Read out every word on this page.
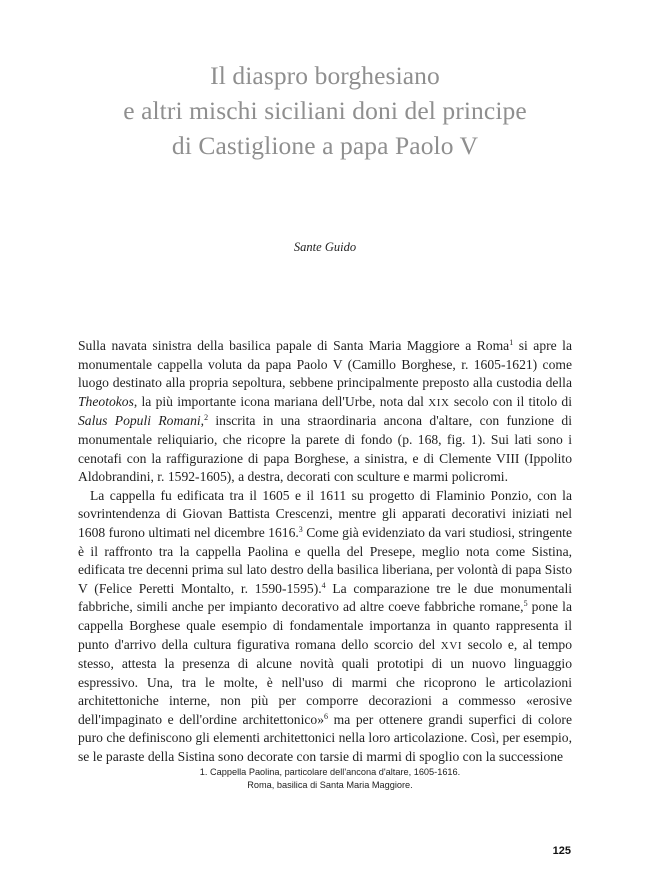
Il diaspro borghesiano
e altri mischi siciliani doni del principe
di Castiglione a papa Paolo V
Sante Guido
Sulla navata sinistra della basilica papale di Santa Maria Maggiore a Roma$^1$ si apre la monumentale cappella voluta da papa Paolo V (Camillo Borghese, r. 1605-1621) come luogo destinato alla propria sepoltura, sebbene principalmente preposto alla custodia della Theotokos, la più importante icona mariana dell'Urbe, nota dal XIX secolo con il titolo di Salus Populi Romani,$^2$ inscrita in una straordinaria ancona d'altare, con funzione di monumentale reliquiario, che ricopre la parete di fondo (p. 168, fig. 1). Sui lati sono i cenotafi con la raffigurazione di papa Borghese, a sinistra, e di Clemente VIII (Ippolito Aldobrandini, r. 1592-1605), a destra, decorati con sculture e marmi policromi.
La cappella fu edificata tra il 1605 e il 1611 su progetto di Flaminio Ponzio, con la sovrintendenza di Giovan Battista Crescenzi, mentre gli apparati decorativi iniziati nel 1608 furono ultimati nel dicembre 1616.$^3$ Come già evidenziato da vari studiosi, stringente è il raffronto tra la cappella Paolina e quella del Presepe, meglio nota come Sistina, edificata tre decenni prima sul lato destro della basilica liberiana, per volontà di papa Sisto V (Felice Peretti Montalto, r. 1590-1595).$^4$ La comparazione tre le due monumentali fabbriche, simili anche per impianto decorativo ad altre coeve fabbriche romane,$^5$ pone la cappella Borghese quale esempio di fondamentale importanza in quanto rappresenta il punto d'arrivo della cultura figurativa romana dello scorcio del XVI secolo e, al tempo stesso, attesta la presenza di alcune novità quali prototipi di un nuovo linguaggio espressivo. Una, tra le molte, è nell'uso di marmi che ricoprono le articolazioni architettoniche interne, non più per comporre decorazioni a commesso «erosive dell'impaginato e dell'ordine architettonico»$^6$ ma per ottenere grandi superfici di colore puro che definiscono gli elementi architettonici nella loro articolazione. Così, per esempio, se le paraste della Sistina sono decorate con tarsie di marmi di spoglio con la successione
1. Cappella Paolina, particolare dell'ancona d'altare, 1605-1616.
Roma, basilica di Santa Maria Maggiore.
125
